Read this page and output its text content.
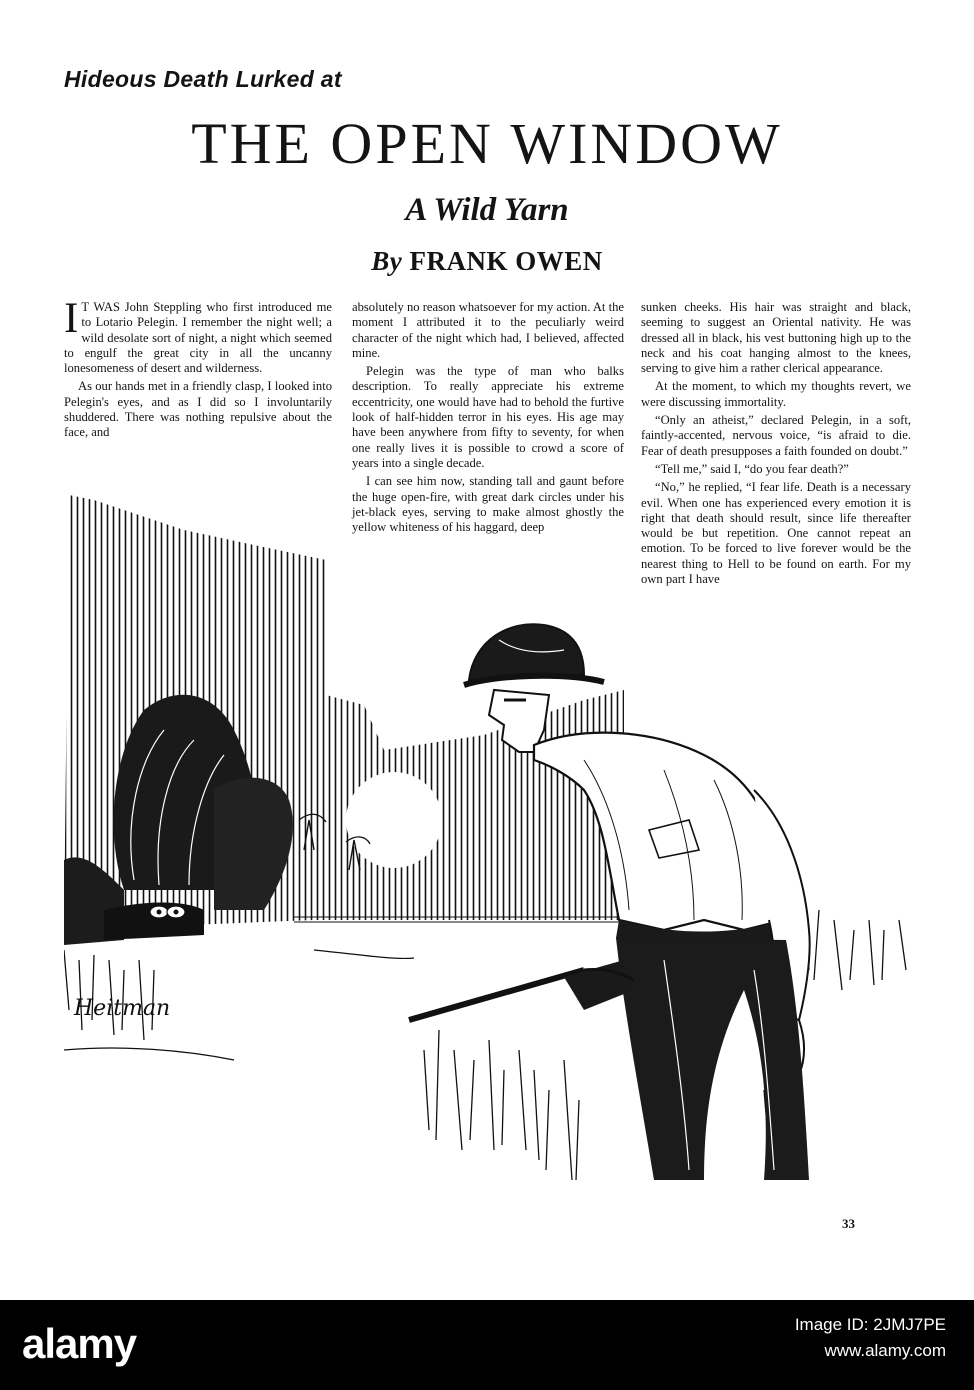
Hideous Death Lurked at
THE OPEN WINDOW
A Wild Yarn
By FRANK OWEN

I T WAS John Steppling who first introduced me to Lotario Pelegin. I remember the night well; a wild desolate sort of night, a night which seemed to engulf the great city in all the uncanny lonesomeness of desert and wilderness.

As our hands met in a friendly clasp, I looked into Pelegin's eyes, and as I did so I involuntarily shuddered. There was nothing repulsive about the face, and

absolutely no reason whatsoever for my action. At the moment I attributed it to the peculiarly weird character of the night which had, I believed, affected mine.

Pelegin was the type of man who balks description. To really appreciate his extreme eccentricity, one would have had to behold the furtive look of half-hidden terror in his eyes. His age may have been anywhere from fifty to seventy, for when one really lives it is possible to crowd a score of years into a single decade.

I can see him now, standing tall and gaunt before the huge open-fire, with great dark circles under his jet-black eyes, serving to make almost ghostly the yellow whiteness of his haggard, deep

sunken cheeks. His hair was straight and black, seeming to suggest an Oriental nativity. He was dressed all in black, his vest buttoning high up to the neck and his coat hanging almost to the knees, serving to give him a rather clerical appearance.

At the moment, to which my thoughts revert, we were discussing immortality.

“Only an atheist,” declared Pelegin, in a soft, faintly-accented, nervous voice, “is afraid to die. Fear of death presupposes a faith founded on doubt.”

“Tell me,” said I, “do you fear death?”

“No,” he replied, “I fear life. Death is a necessary evil. When one has experienced every emotion it is right that death should result, since life thereafter would be but repetition. One cannot repeat an emotion. To be forced to live forever would be the nearest thing to Hell to be found on earth. For my own part I have

Heitman
33
alamy	Image ID: 2JMJ7PE
www.alamy.com
